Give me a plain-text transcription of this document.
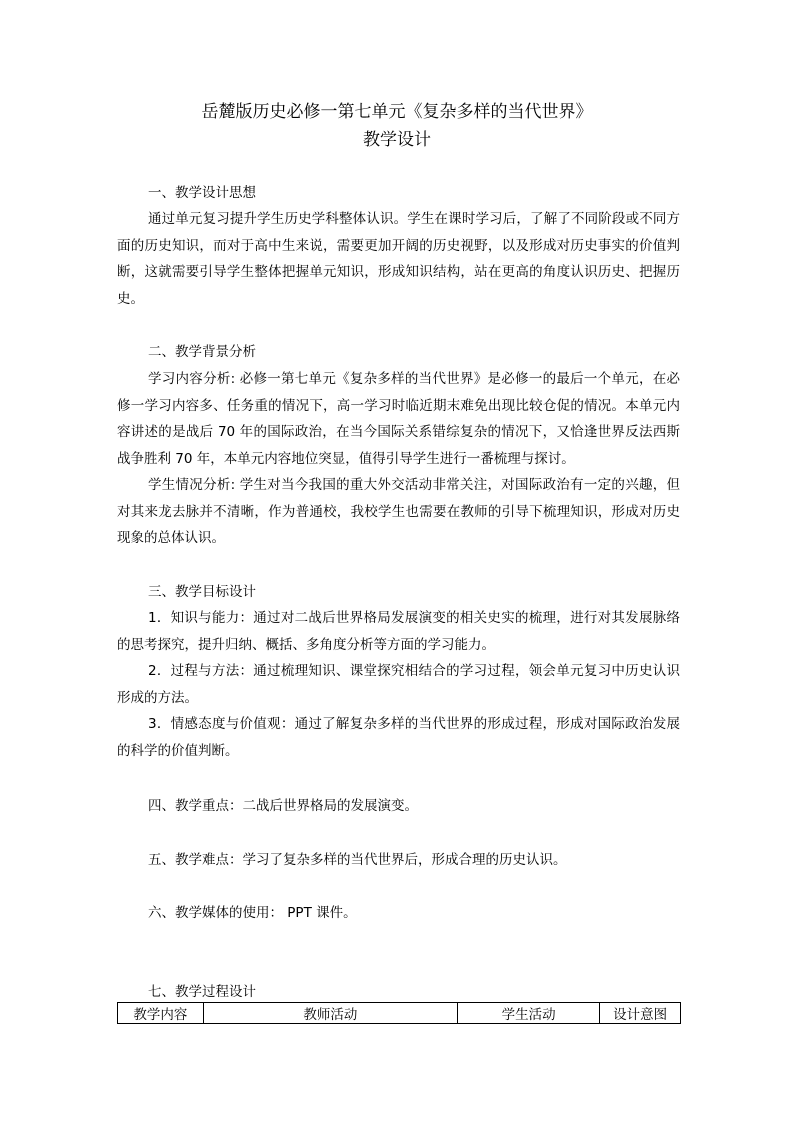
岳麓版历史必修一第七单元《复杂多样的当代世界》
教学设计
一、教学设计思想
通过单元复习提升学生历史学科整体认识。学生在课时学习后，了解了不同阶段或不同方面的历史知识，而对于高中生来说，需要更加开阔的历史视野，以及形成对历史事实的价值判断，这就需要引导学生整体把握单元知识，形成知识结构，站在更高的角度认识历史、把握历史。
二、教学背景分析
学习内容分析: 必修一第七单元《复杂多样的当代世界》是必修一的最后一个单元，在必修一学习内容多、任务重的情况下，高一学习时临近期末难免出现比较仓促的情况。本单元内容讲述的是战后 70 年的国际政治，在当今国际关系错综复杂的情况下，又恰逢世界反法西斯战争胜利 70 年，本单元内容地位突显，值得引导学生进行一番梳理与探讨。
学生情况分析: 学生对当今我国的重大外交活动非常关注，对国际政治有一定的兴趣，但对其来龙去脉并不清晰，作为普通校，我校学生也需要在教师的引导下梳理知识，形成对历史现象的总体认识。
三、教学目标设计
1．知识与能力：通过对二战后世界格局发展演变的相关史实的梳理，进行对其发展脉络的思考探究，提升归纳、概括、多角度分析等方面的学习能力。
2．过程与方法：通过梳理知识、课堂探究相结合的学习过程，领会单元复习中历史认识形成的方法。
3．情感态度与价值观：通过了解复杂多样的当代世界的形成过程，形成对国际政治发展的科学的价值判断。
四、教学重点：二战后世界格局的发展演变。
五、教学难点：学习了复杂多样的当代世界后，形成合理的历史认识。
六、教学媒体的使用： PPT 课件。
七、教学过程设计
教学内容	教师活动	学生活动	设计意图
